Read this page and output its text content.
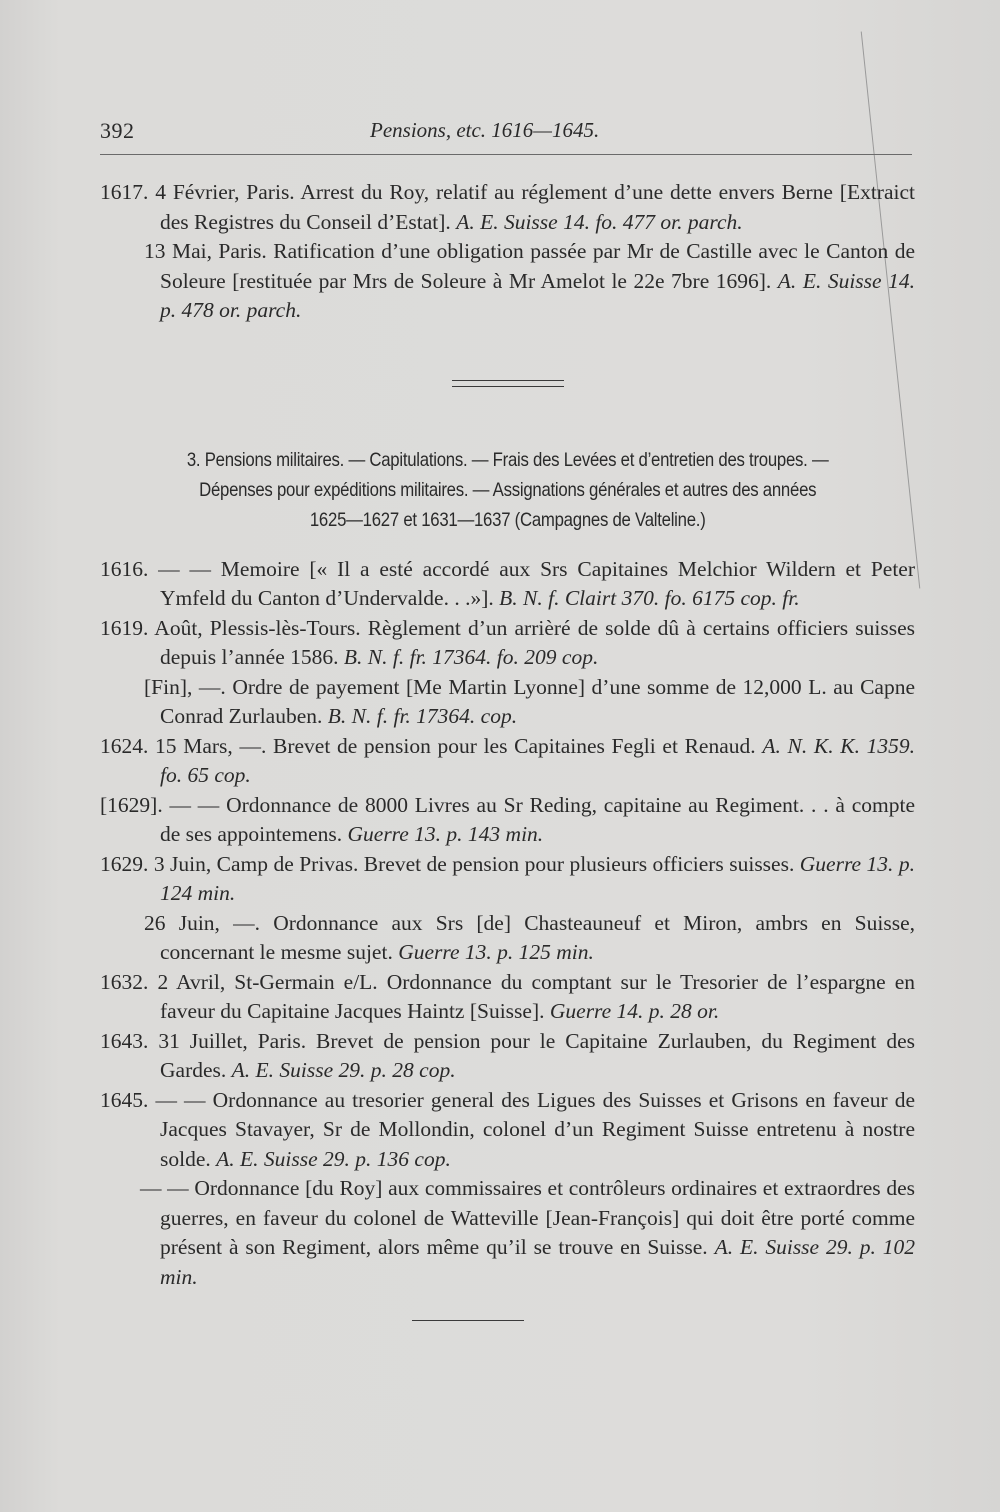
392	Pensions, etc. 1616—1645.

1617. 4 Février, Paris. Arrest du Roy, relatif au réglement d’une dette envers Berne [Extraict des Registres du Conseil d’Estat]. A. E. Suisse 14. fo. 477 or. parch.

13 Mai, Paris. Ratification d’une obligation passée par Mr de Castille avec le Canton de Soleure [restituée par Mrs de Soleure à Mr Amelot le 22e 7bre 1696]. A. E. Suisse 14. p. 478 or. parch.

3. Pensions militaires. — Capitulations. — Frais des Levées et d’entretien des troupes. —
Dépenses pour expéditions militaires. — Assignations générales et autres des années
1625—1627 et 1631—1637 (Campagnes de Valteline.)

1616. — — Memoire [« Il a esté accordé aux Srs Capitaines Melchior Wildern et Peter Ymfeld du Canton d’Undervalde. . .»]. B. N. f. Clairt 370. fo. 6175 cop. fr.

1619. Août, Plessis-lès-Tours. Règlement d’un arrièré de solde dû à certains officiers suisses depuis l’année 1586. B. N. f. fr. 17364. fo. 209 cop.

[Fin], —. Ordre de payement [Me Martin Lyonne] d’une somme de 12,000 L. au Capne Conrad Zurlauben. B. N. f. fr. 17364. cop.

1624. 15 Mars, —. Brevet de pension pour les Capitaines Fegli et Renaud. A. N. K. K. 1359. fo. 65 cop.

[1629]. — — Ordonnance de 8000 Livres au Sr Reding, capitaine au Regiment. . . à compte de ses appointemens. Guerre 13. p. 143 min.

1629. 3 Juin, Camp de Privas. Brevet de pension pour plusieurs officiers suisses. Guerre 13. p. 124 min.

26 Juin, —. Ordonnance aux Srs [de] Chasteauneuf et Miron, ambrs en Suisse, concernant le mesme sujet. Guerre 13. p. 125 min.

1632. 2 Avril, St-Germain e/L. Ordonnance du comptant sur le Tresorier de l’espargne en faveur du Capitaine Jacques Haintz [Suisse]. Guerre 14. p. 28 or.

1643. 31 Juillet, Paris. Brevet de pension pour le Capitaine Zurlauben, du Regiment des Gardes. A. E. Suisse 29. p. 28 cop.

1645. — — Ordonnance au tresorier general des Ligues des Suisses et Grisons en faveur de Jacques Stavayer, Sr de Mollondin, colonel d’un Regiment Suisse entretenu à nostre solde. A. E. Suisse 29. p. 136 cop.

— — Ordonnance [du Roy] aux commissaires et contrôleurs ordinaires et extraordres des guerres, en faveur du colonel de Watteville [Jean-François] qui doit être porté comme présent à son Regiment, alors même qu’il se trouve en Suisse. A. E. Suisse 29. p. 102 min.
